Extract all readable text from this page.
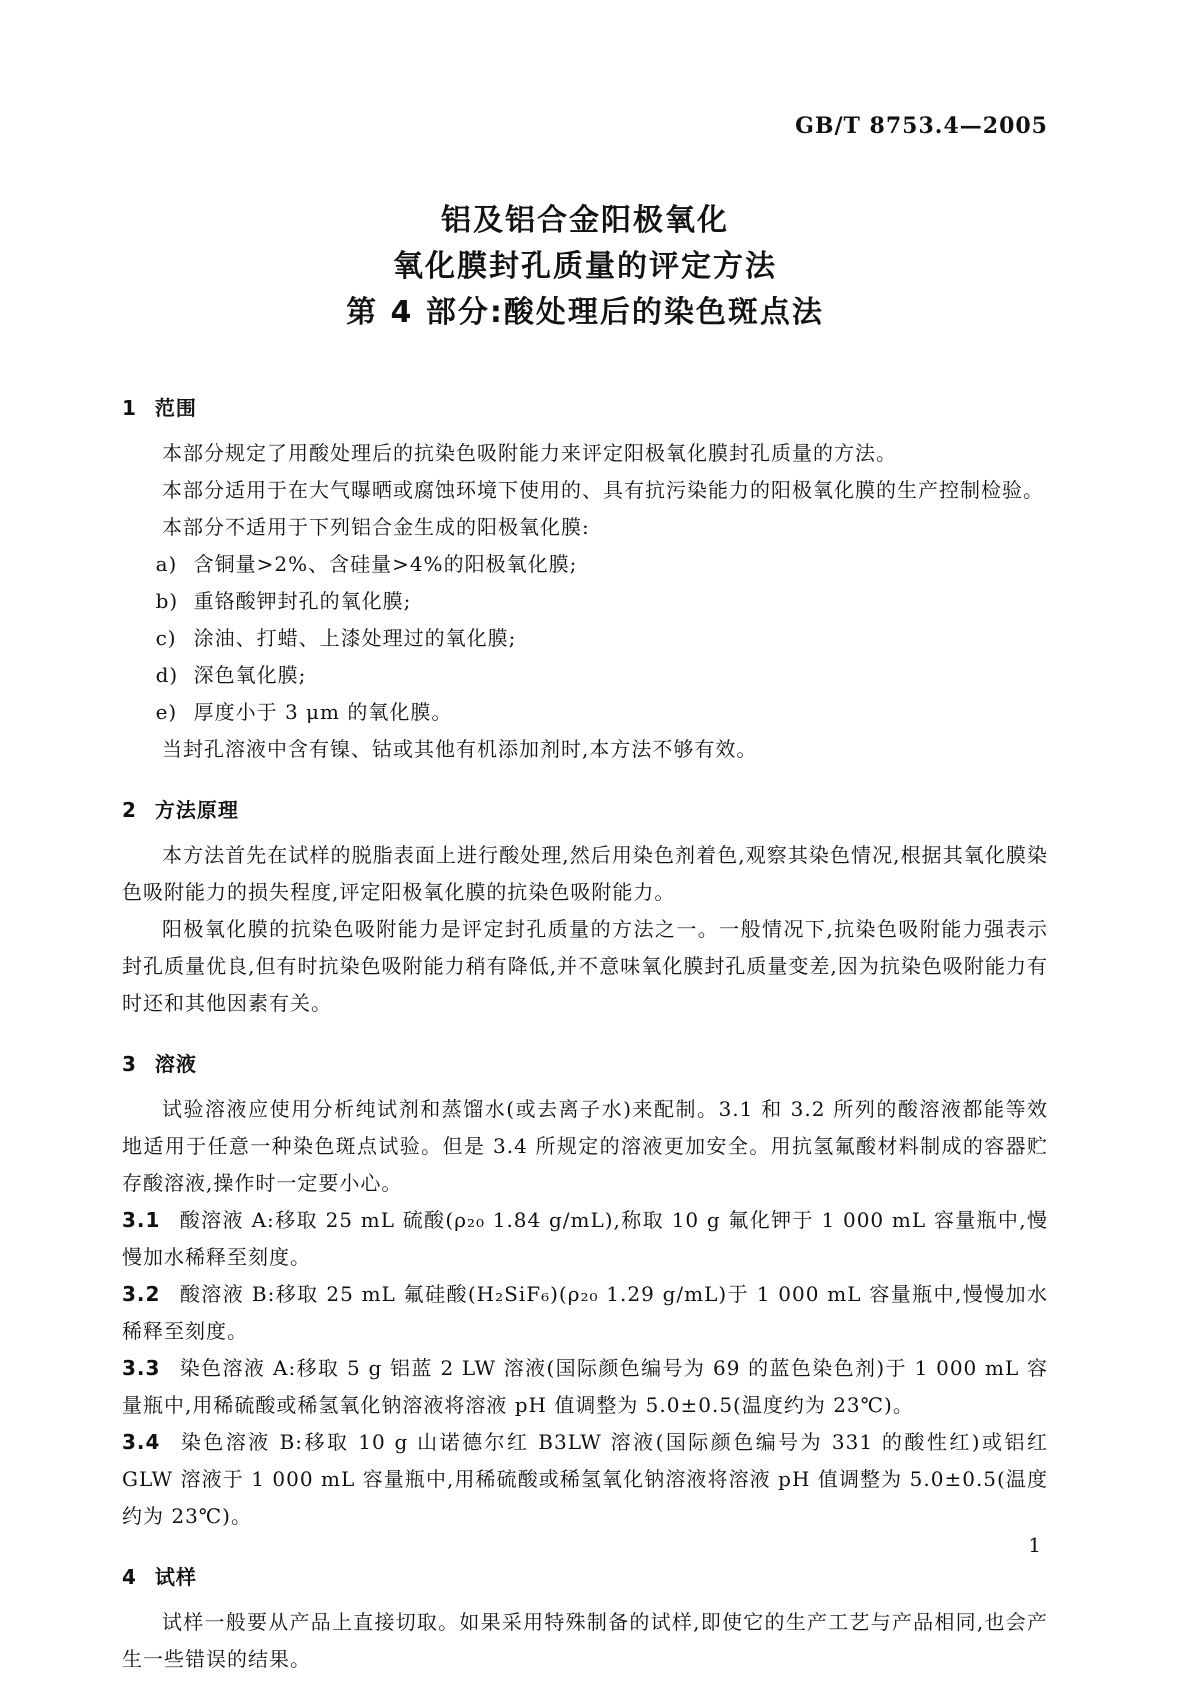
GB/T 8753.4—2005
铝及铝合金阳极氧化
氧化膜封孔质量的评定方法
第 4 部分:酸处理后的染色斑点法
1 范围

本部分规定了用酸处理后的抗染色吸附能力来评定阳极氧化膜封孔质量的方法。

本部分适用于在大气曝晒或腐蚀环境下使用的、具有抗污染能力的阳极氧化膜的生产控制检验。

本部分不适用于下列铝合金生成的阳极氧化膜:

a) 含铜量>2%、含硅量>4%的阳极氧化膜;
b) 重铬酸钾封孔的氧化膜;
c) 涂油、打蜡、上漆处理过的氧化膜;
d) 深色氧化膜;
e) 厚度小于 3 μm 的氧化膜。

当封孔溶液中含有镍、钴或其他有机添加剂时,本方法不够有效。

2 方法原理

本方法首先在试样的脱脂表面上进行酸处理,然后用染色剂着色,观察其染色情况,根据其氧化膜染色吸附能力的损失程度,评定阳极氧化膜的抗染色吸附能力。

阳极氧化膜的抗染色吸附能力是评定封孔质量的方法之一。一般情况下,抗染色吸附能力强表示封孔质量优良,但有时抗染色吸附能力稍有降低,并不意味氧化膜封孔质量变差,因为抗染色吸附能力有时还和其他因素有关。

3 溶液

试验溶液应使用分析纯试剂和蒸馏水(或去离子水)来配制。3.1 和 3.2 所列的酸溶液都能等效地适用于任意一种染色斑点试验。但是 3.4 所规定的溶液更加安全。用抗氢氟酸材料制成的容器贮存酸溶液,操作时一定要小心。

3.1 酸溶液 A:移取 25 mL 硫酸(ρ₂₀ 1.84 g/mL),称取 10 g 氟化钾于 1 000 mL 容量瓶中,慢慢加水稀释至刻度。

3.2 酸溶液 B:移取 25 mL 氟硅酸(H₂SiF₆)(ρ₂₀ 1.29 g/mL)于 1 000 mL 容量瓶中,慢慢加水稀释至刻度。

3.3 染色溶液 A:移取 5 g 铝蓝 2 LW 溶液(国际颜色编号为 69 的蓝色染色剂)于 1 000 mL 容量瓶中,用稀硫酸或稀氢氧化钠溶液将溶液 pH 值调整为 5.0±0.5(温度约为 23℃)。

3.4 染色溶液 B:移取 10 g 山诺德尔红 B3LW 溶液(国际颜色编号为 331 的酸性红)或铝红 GLW 溶液于 1 000 mL 容量瓶中,用稀硫酸或稀氢氧化钠溶液将溶液 pH 值调整为 5.0±0.5(温度约为 23℃)。

4 试样

试样一般要从产品上直接切取。如果采用特殊制备的试样,即使它的生产工艺与产品相同,也会产生一些错误的结果。

1
